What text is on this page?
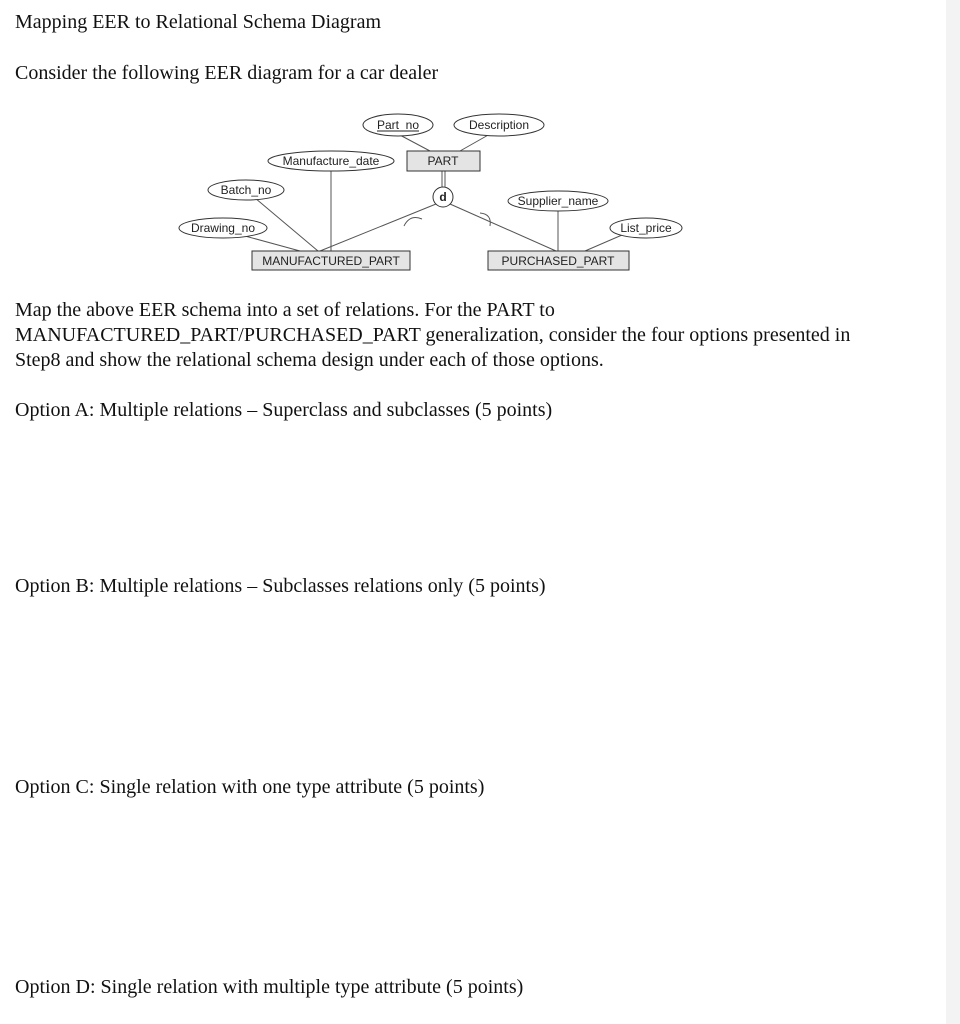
Mapping EER to Relational Schema Diagram
Consider the following EER diagram for a car dealer
Part_no	Description
Manufacture_date
Batch_no
Drawing_no
Supplier_name
List_price
PART
MANUFACTURED_PART	PURCHASED_PART
d
Map the above EER schema into a set of relations. For the PART to
MANUFACTURED_PART/PURCHASED_PART generalization, consider the four options presented in
Step8 and show the relational schema design under each of those options.
Option A: Multiple relations – Superclass and subclasses (5 points)
Option B: Multiple relations – Subclasses relations only (5 points)
Option C: Single relation with one type attribute (5 points)
Option D: Single relation with multiple type attribute (5 points)
